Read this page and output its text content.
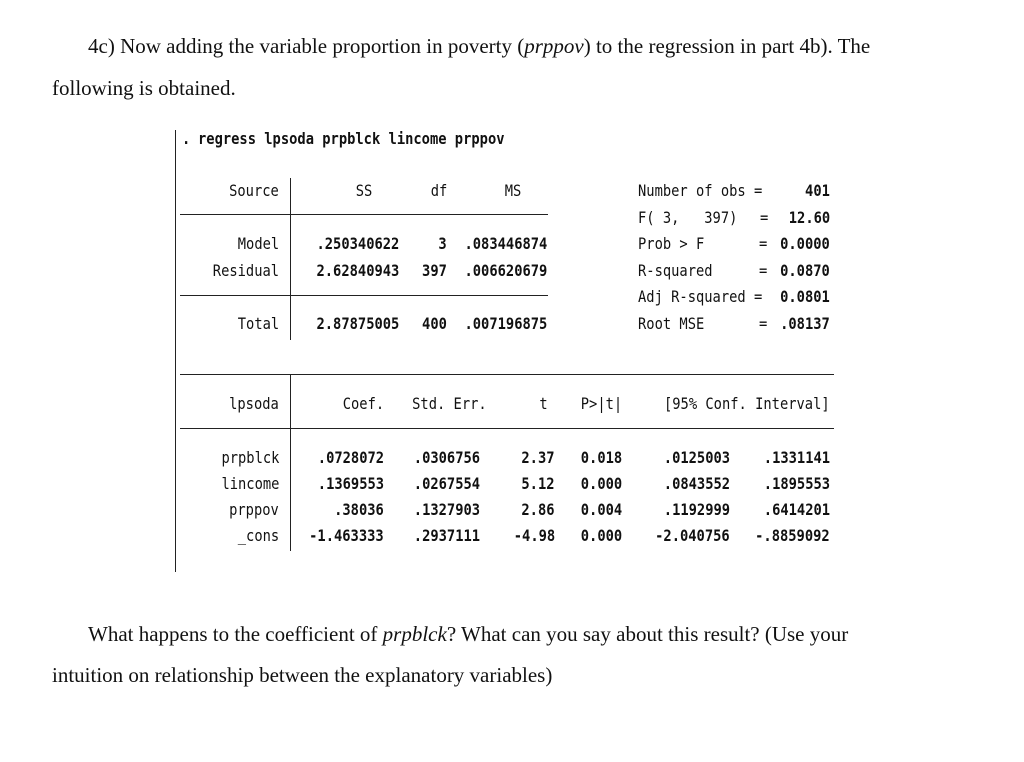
4c) Now adding the variable proportion in poverty (prppov) to the regression in part 4b). The
following is obtained.
. regress lpsoda prpblck lincome prppov
Source	SS	df	MS
Model .250340622 3 .083446874
Residual 2.62840943 397 .006620679
Total 2.87875005 400 .007196875
Number of obs =	401
F( 3,   397) = 12.60
Prob > F	= 0.0000
R-squared	= 0.0870
Adj R-squared = 0.0801
Root MSE	= .08137
lpsoda	Coef. Std. Err.	t P>|t|	[95% Conf. Interval]
prpblck .0728072 .0306756	2.37 0.018	.0125003 .1331141
lincome .1369553 .0267554	5.12 0.000	.0843552 .1895553
prppov	.38036 .1327903	2.86 0.004	.1192999 .6414201
_cons -1.463333 .2937111 -4.98 0.000 -2.040756 -.8859092
What happens to the coefficient of prpblck? What can you say about this result? (Use your
intuition on relationship between the explanatory variables)
